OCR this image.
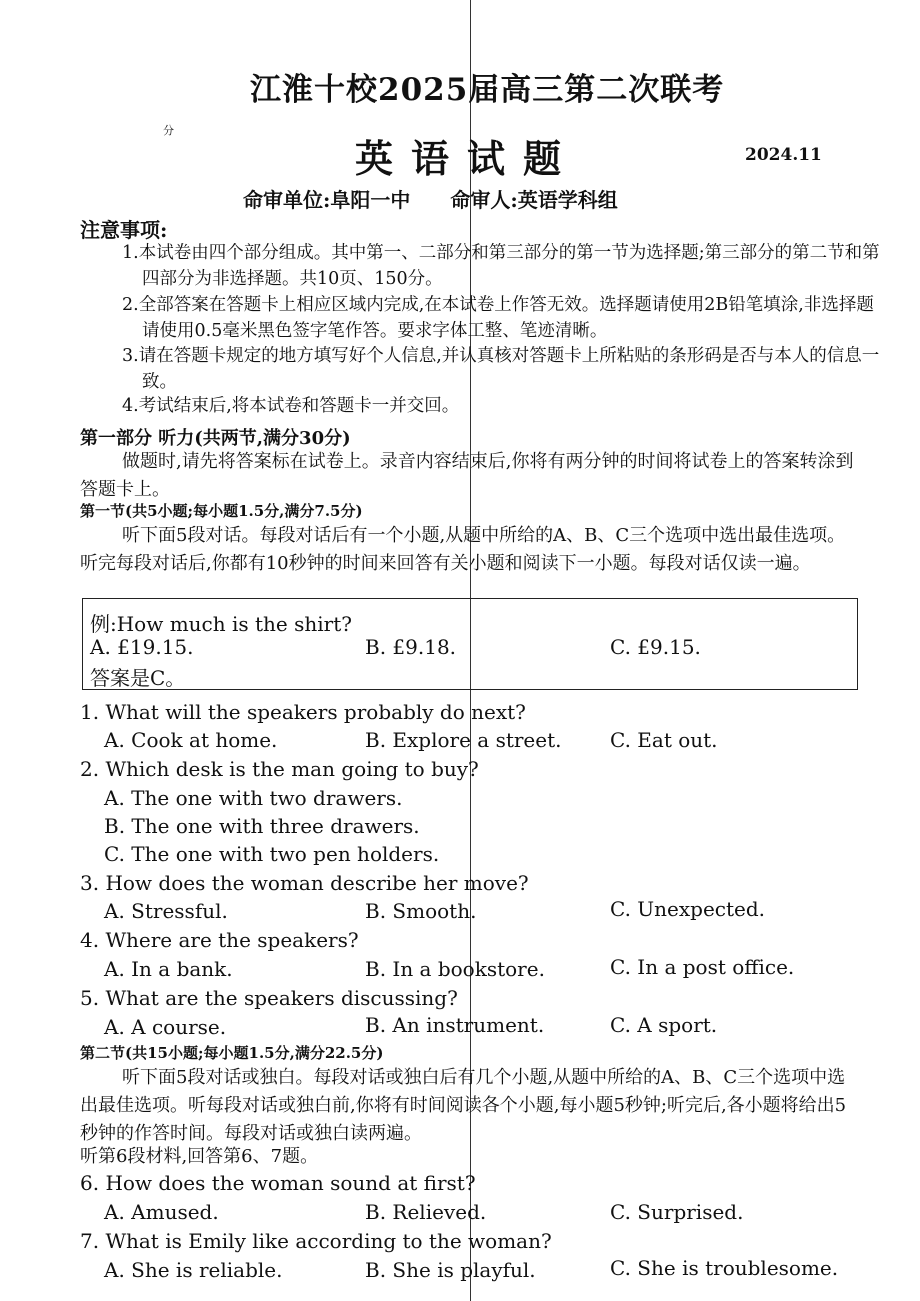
江淮十校2025届高三第二次联考
分
英语试题	2024.11
命审单位:阜阳一中 命审人:英语学科组
注意事项:
1.本试卷由四个部分组成。其中第一、二部分和第三部分的第一节为选择题;第三部分的第二节和第四部分为非选择题。共10页、150分。
2.全部答案在答题卡上相应区域内完成,在本试卷上作答无效。选择题请使用2B铅笔填涂,非选择题请使用0.5毫米黑色签字笔作答。要求字体工整、笔迹清晰。
3.请在答题卡规定的地方填写好个人信息,并认真核对答题卡上所粘贴的条形码是否与本人的信息一致。
4.考试结束后,将本试卷和答题卡一并交回。
第一部分 听力(共两节,满分30分)
做题时,请先将答案标在试卷上。录音内容结束后,你将有两分钟的时间将试卷上的答案转涂到答题卡上。
第一节(共5小题;每小题1.5分,满分7.5分)
听下面5段对话。每段对话后有一个小题,从题中所给的A、B、C三个选项中选出最佳选项。听完每段对话后,你都有10秒钟的时间来回答有关小题和阅读下一小题。每段对话仅读一遍。
例:How much is the shirt?
A. £19.15.	B. £9.18.	C. £9.15.
答案是C。
1. What will the speakers probably do next?
A. Cook at home.	B. Explore a street. C. Eat out.
2. Which desk is the man going to buy?
A. The one with two drawers.
B. The one with three drawers.
C. The one with two pen holders.
3. How does the woman describe her move?
A. Stressful.	B. Smooth.	C. Unexpected.
4. Where are the speakers?
A. In a bank.	B. In a bookstore.	C. In a post office.
5. What are the speakers discussing?
A. A course.	B. An instrument.	C. A sport.
第二节(共15小题;每小题1.5分,满分22.5分)
听下面5段对话或独白。每段对话或独白后有几个小题,从题中所给的A、B、C三个选项中选出最佳选项。听每段对话或独白前,你将有时间阅读各个小题,每小题5秒钟;听完后,各小题将给出5秒钟的作答时间。每段对话或独白读两遍。
听第6段材料,回答第6、7题。
6. How does the woman sound at first?
A. Amused.	B. Relieved.	C. Surprised.
7. What is Emily like according to the woman?
A. She is reliable.	B. She is playful.	C. She is troublesome.
